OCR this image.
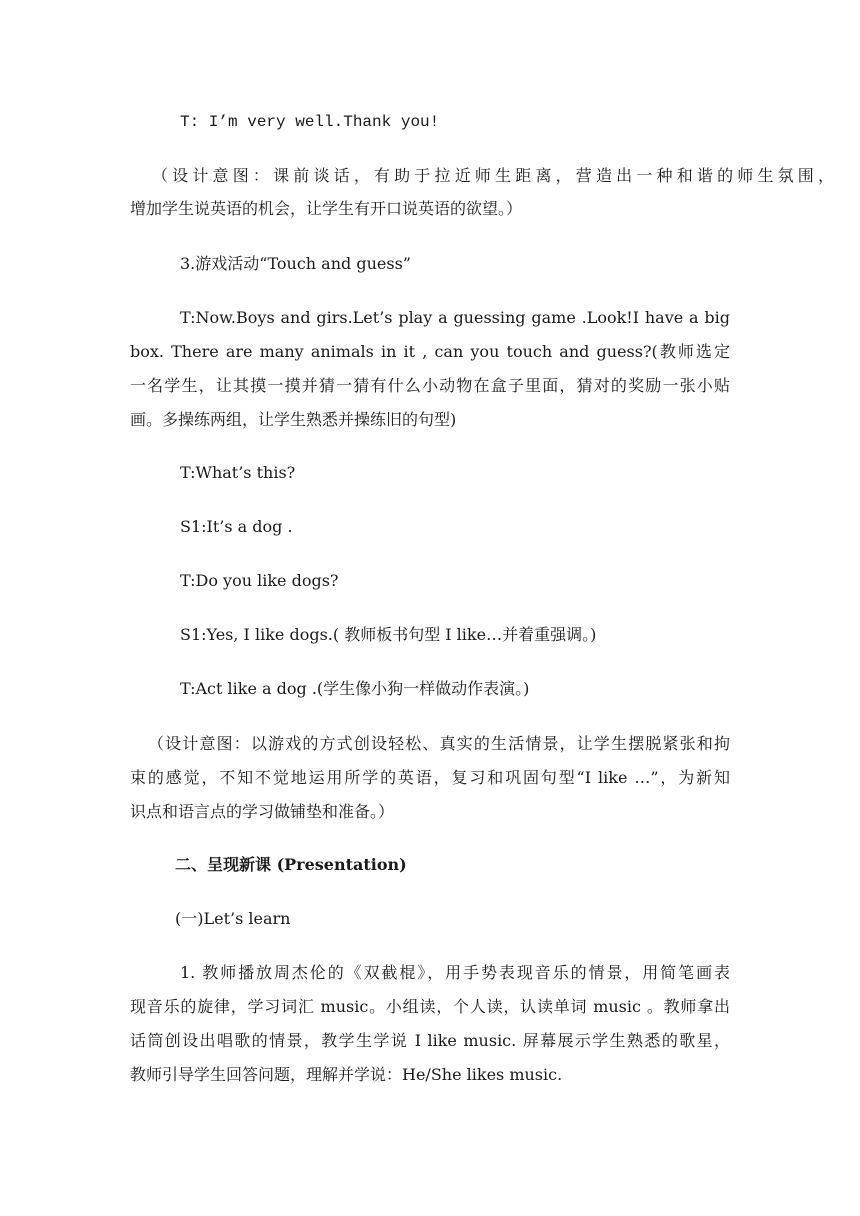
T: I’m very well.Thank you!
（设计意图：课前谈话，有助于拉近师生距离，营造出一种和谐的师生氛围，
增加学生说英语的机会，让学生有开口说英语的欲望。）
3.游戏活动“Touch and guess”
T:Now.Boys and girs.Let’s play a guessing game .Look!I have a big
box. There are many animals in it , can you touch and guess?(教师选定
一名学生，让其摸一摸并猜一猜有什么小动物在盒子里面，猜对的奖励一张小贴
画。多操练两组，让学生熟悉并操练旧的句型)
T:What’s this?
S1:It’s a dog .
T:Do you like dogs?
S1:Yes, I like dogs.( 教师板书句型 I like…并着重强调。)
T:Act like a dog .(学生像小狗一样做动作表演。)
（设计意图：以游戏的方式创设轻松、真实的生活情景，让学生摆脱紧张和拘
束的感觉，不知不觉地运用所学的英语，复习和巩固句型“I like …”，为新知
识点和语言点的学习做铺垫和准备。）
二、呈现新课 (Presentation)
(一)Let’s learn
1. 教师播放周杰伦的《双截棍》，用手势表现音乐的情景，用简笔画表
现音乐的旋律，学习词汇 music。小组读，个人读，认读单词 music 。教师拿出
话筒创设出唱歌的情景，教学生学说 I like music. 屏幕展示学生熟悉的歌星，
教师引导学生回答问题，理解并学说：He/She likes music.
